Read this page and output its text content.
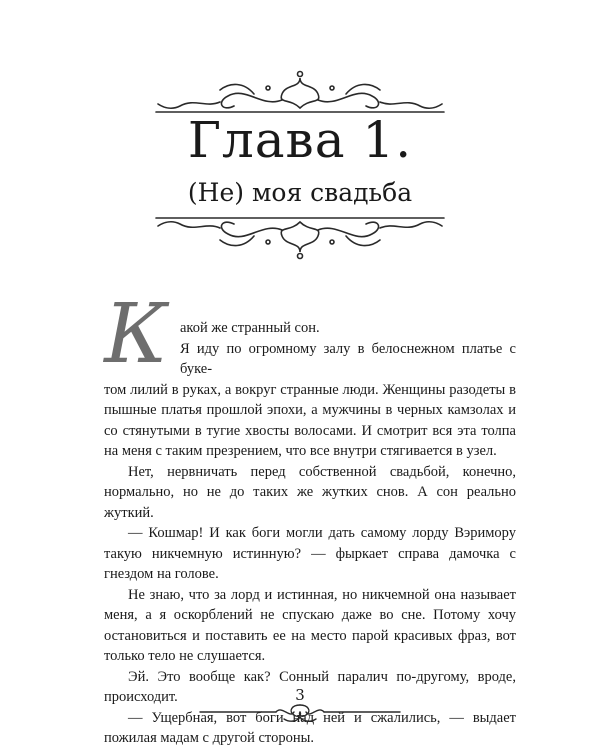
Глава 1.
(Не) моя свадьба
К акой же странный сон.

Я иду по огромному залу в белоснежном платье с буке-
том лилий в руках, а вокруг странные люди. Женщины разодеты в пышные платья прошлой эпохи, а мужчины в черных камзолах и со стянутыми в тугие хвосты волосами. И смотрит вся эта толпа на меня с таким презрением, что все внутри стягивается в узел.

Нет, нервничать перед собственной свадьбой, конечно, нормально, но не до таких же жутких снов. А сон реально жуткий.

— Кошмар! И как боги могли дать самому лорду Вэримору такую никчемную истинную? — фыркает справа дамочка с гнездом на голове.

Не знаю, что за лорд и истинная, но никчемной она называет меня, а я оскорблений не спускаю даже во сне. Потому хочу остановиться и поставить ее на место парой красивых фраз, вот только тело не слушается.

Эй. Это вообще как? Сонный паралич по-другому, вроде, происходит.

— Ущербная, вот боги над ней и сжалились, — выдает пожилая мадам с другой стороны.

3
